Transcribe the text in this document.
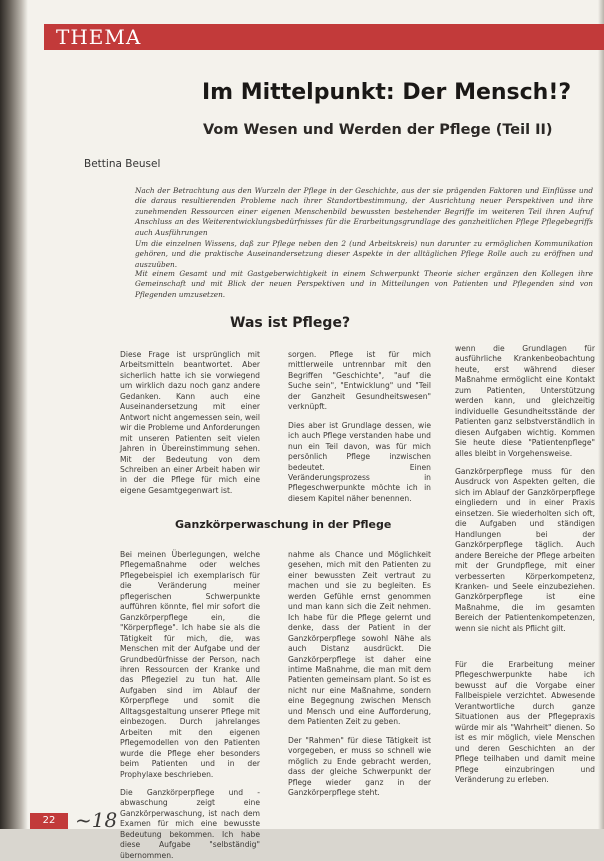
THEMA
Im Mittelpunkt: Der Mensch!?
Vom Wesen und Werden der Pflege (Teil II)
Bettina Beusel

Nach der Betrachtung aus den Wurzeln der Pflege in der Geschichte, aus der sie prägenden Faktoren und Einflüsse und die daraus resultierenden Probleme nach ihrer Standortbestimmung, der Ausrichtung neuer Perspektiven und ihre zunehmenden Ressourcen einer eigenen Menschenbild bewussten bestehender Begriffe im weiteren Teil ihren Aufruf Anschluss an des Weiterentwicklungsbedürfnisses für die Erarbeitungsgrundlage des ganzheitlichen Pflege Pflegebegriffs auch Ausführungen

Um die einzelnen Wissens, daß zur Pflege neben den 2 (und Arbeitskreis) nun darunter zu ermöglichen Kommunikation gehören, und die praktische Auseinandersetzung dieser Aspekte in der alltäglichen Pflege Rolle auch zu eröffnen und auszuüben.

Mit einem Gesamt und mit Gastgeberwichtigkeit in einem Schwerpunkt Theorie sicher ergänzen den Kollegen ihre Gemeinschaft und mit Blick der neuen Perspektiven und in Mitteilungen von Patienten und Pflegenden sind von Pflegenden umzusetzen.

Was ist Pflege?

Diese Frage ist ursprünglich mit Arbeitsmitteln beantwortet. Aber sicherlich hatte ich sie vorwiegend um wirklich dazu noch ganz andere Gedanken. Kann auch eine Auseinandersetzung mit einer Antwort nicht angemessen sein, weil wir die Probleme und Anforderungen mit unseren Patienten seit vielen Jahren in Übereinstimmung sehen. Mit der Bedeutung von dem Schreiben an einer Arbeit haben wir in der die Pflege für mich eine eigene Gesamtgegenwart ist.

sorgen. Pflege ist für mich mittlerweile untrennbar mit den Begriffen "Geschichte", "auf die Suche sein", "Entwicklung" und "Teil der Ganzheit Gesundheitswesen" verknüpft.

Dies aber ist Grundlage dessen, wie ich auch Pflege verstanden habe und nun ein Teil davon, was für mich persönlich Pflege inzwischen bedeutet. Einen Veränderungsprozess in Pflegeschwerpunkte möchte ich in diesem Kapitel näher benennen.

wenn die Grundlagen für ausführliche Krankenbeobachtung heute, erst während dieser Maßnahme ermöglicht eine Kontakt zum Patienten, Unterstützung werden kann, und gleichzeitig individuelle Gesundheitsstände der Patienten ganz selbstverständlich in diesen Aufgaben wichtig. Kommen Sie heute diese "Patientenpflege" alles bleibt in Vorgehensweise.

Ganzkörperpflege muss für den Ausdruck von Aspekten gelten, die sich im Ablauf der Ganzkörperpflege eingliedern und in einer Praxis einsetzen. Sie wiederholten sich oft, die Aufgaben und ständigen Handlungen bei der Ganzkörperpflege täglich. Auch andere Bereiche der Pflege arbeiten mit der Grundpflege, mit einer verbesserten Körperkompetenz, Kranken- und Seele einzubeziehen. Ganzkörperpflege ist eine Maßnahme, die im gesamten Bereich der Patientenkompetenzen, wenn sie nicht als Pflicht gilt.

Ganzkörperwaschung in der Pflege

Bei meinen Überlegungen, welche Pflegemaßnahme oder welches Pflegebeispiel ich exemplarisch für die Veränderung meiner pflegerischen Schwerpunkte aufführen könnte, fiel mir sofort die Ganzkörperpflege ein, die "Körperpflege". Ich habe sie als die Tätigkeit für mich, die, was Menschen mit der Aufgabe und der Grundbedürfnisse der Person, nach ihren Ressourcen der Kranke und das Pflegeziel zu tun hat. Alle Aufgaben sind im Ablauf der Körperpflege und somit die Alltagsgestaltung unserer Pflege mit einbezogen. Durch jahrelanges Arbeiten mit den eigenen Pflegemodellen von den Patienten wurde die Pflege eher besonders beim Patienten und in der Prophylaxe beschrieben.

Die Ganzkörperpflege und -abwaschung zeigt eine Ganzkörperwaschung, ist nach dem Examen für mich eine bewusste Bedeutung bekommen. Ich habe diese Aufgabe "selbständig" übernommen.

nahme als Chance und Möglichkeit gesehen, mich mit den Patienten zu einer bewussten Zeit vertraut zu machen und sie zu begleiten. Es werden Gefühle ernst genommen und man kann sich die Zeit nehmen. Ich habe für die Pflege gelernt und denke, dass der Patient in der Ganzkörperpflege sowohl Nähe als auch Distanz ausdrückt. Die Ganzkörperpflege ist daher eine intime Maßnahme, die man mit dem Patienten gemeinsam plant. So ist es nicht nur eine Maßnahme, sondern eine Begegnung zwischen Mensch und Mensch und eine Aufforderung, dem Patienten Zeit zu geben.

Der "Rahmen" für diese Tätigkeit ist vorgegeben, er muss so schnell wie möglich zu Ende gebracht werden, dass der gleiche Schwerpunkt der Pflege wieder ganz in der Ganzkörperpflege steht.

Für die Erarbeitung meiner Pflegeschwerpunkte habe ich bewusst auf die Vorgabe einer Fallbeispiele verzichtet. Abwesende Verantwortliche durch ganze Situationen aus der Pflegepraxis würde mir als "Wahrheit" dienen. So ist es mir möglich, viele Menschen und deren Geschichten an der Pflege teilhaben und damit meine Pflege einzubringen und Veränderung zu erleben.

22 ~18
